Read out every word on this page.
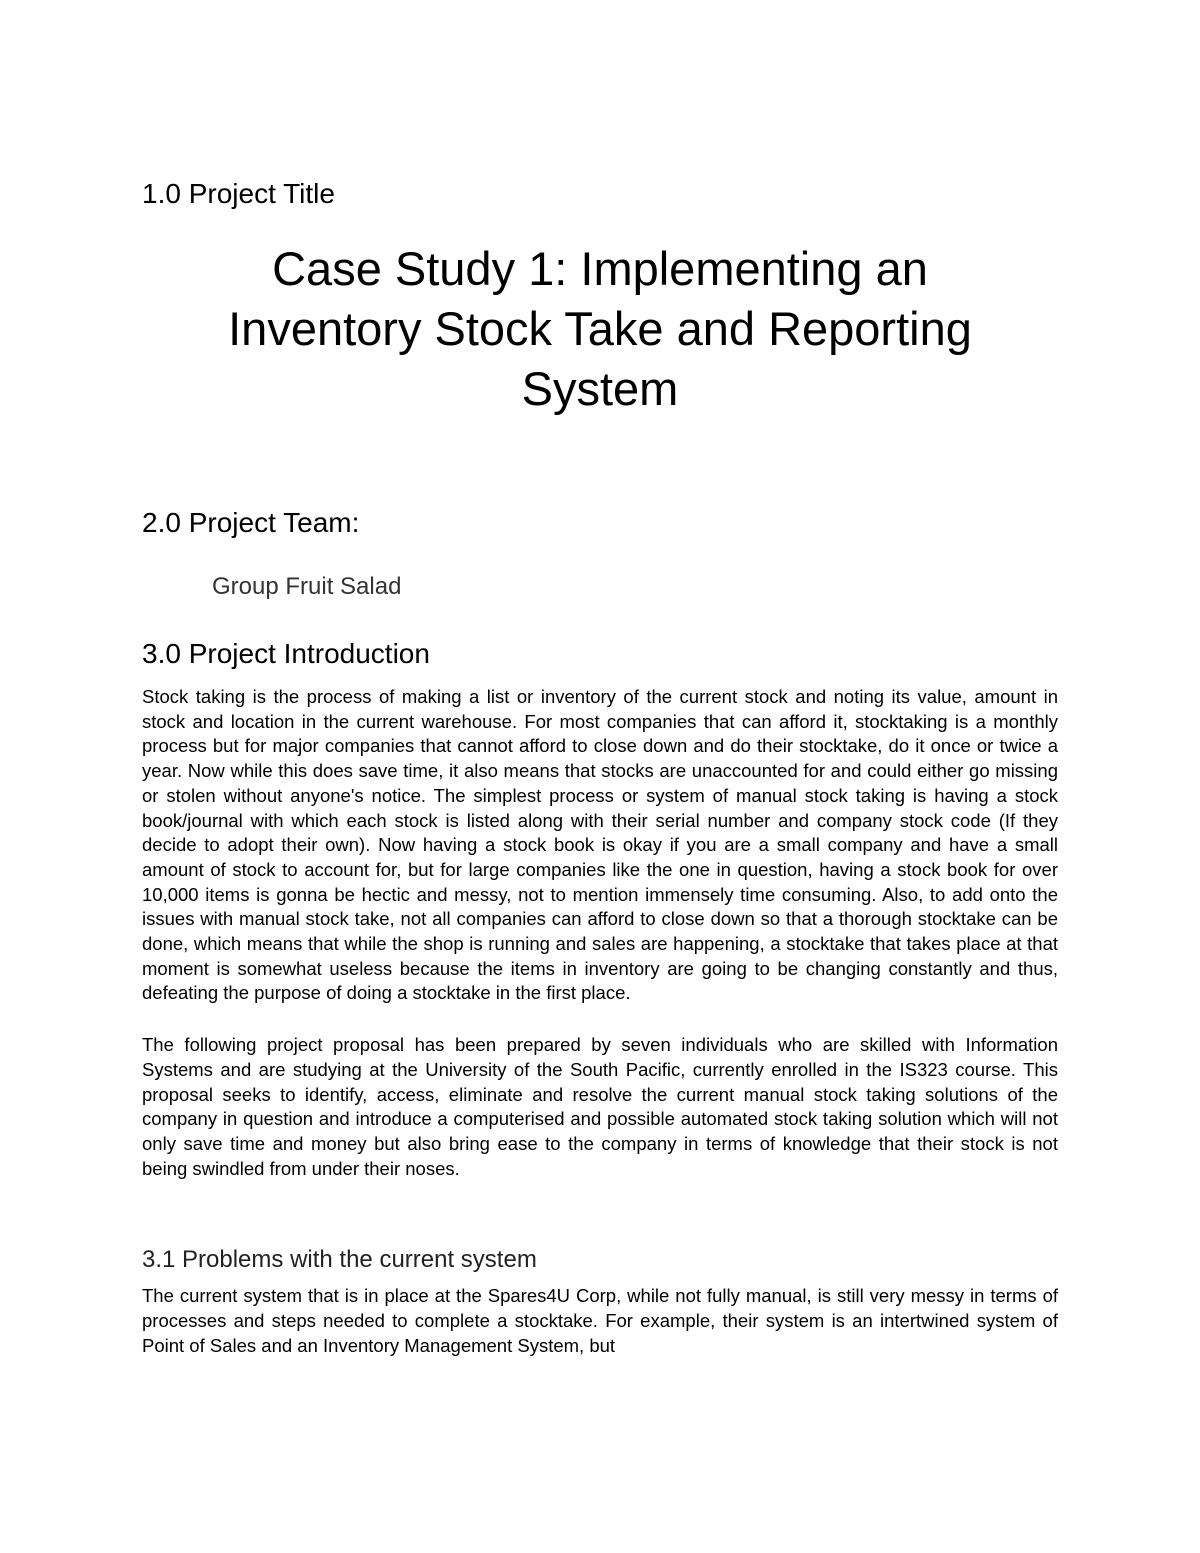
1.0 Project Title
Case Study 1: Implementing an
Inventory Stock Take and Reporting
System
2.0 Project Team:
Group Fruit Salad
3.0 Project Introduction

Stock taking is the process of making a list or inventory of the current stock and noting its value, amount in stock and location in the current warehouse. For most companies that can afford it, stocktaking is a monthly process but for major companies that cannot afford to close down and do their stocktake, do it once or twice a year. Now while this does save time, it also means that stocks are unaccounted for and could either go missing or stolen without anyone's notice. The simplest process or system of manual stock taking is having a stock book/journal with which each stock is listed along with their serial number and company stock code (If they decide to adopt their own). Now having a stock book is okay if you are a small company and have a small amount of stock to account for, but for large companies like the one in question, having a stock book for over 10,000 items is gonna be hectic and messy, not to mention immensely time consuming. Also, to add onto the issues with manual stock take, not all companies can afford to close down so that a thorough stocktake can be done, which means that while the shop is running and sales are happening, a stocktake that takes place at that moment is somewhat useless because the items in inventory are going to be changing constantly and thus, defeating the purpose of doing a stocktake in the first place.

The following project proposal has been prepared by seven individuals who are skilled with Information Systems and are studying at the University of the South Pacific, currently enrolled in the IS323 course. This proposal seeks to identify, access, eliminate and resolve the current manual stock taking solutions of the company in question and introduce a computerised and possible automated stock taking solution which will not only save time and money but also bring ease to the company in terms of knowledge that their stock is not being swindled from under their noses.

3.1 Problems with the current system

The current system that is in place at the Spares4U Corp, while not fully manual, is still very messy in terms of processes and steps needed to complete a stocktake. For example, their system is an intertwined system of Point of Sales and an Inventory Management System, but
